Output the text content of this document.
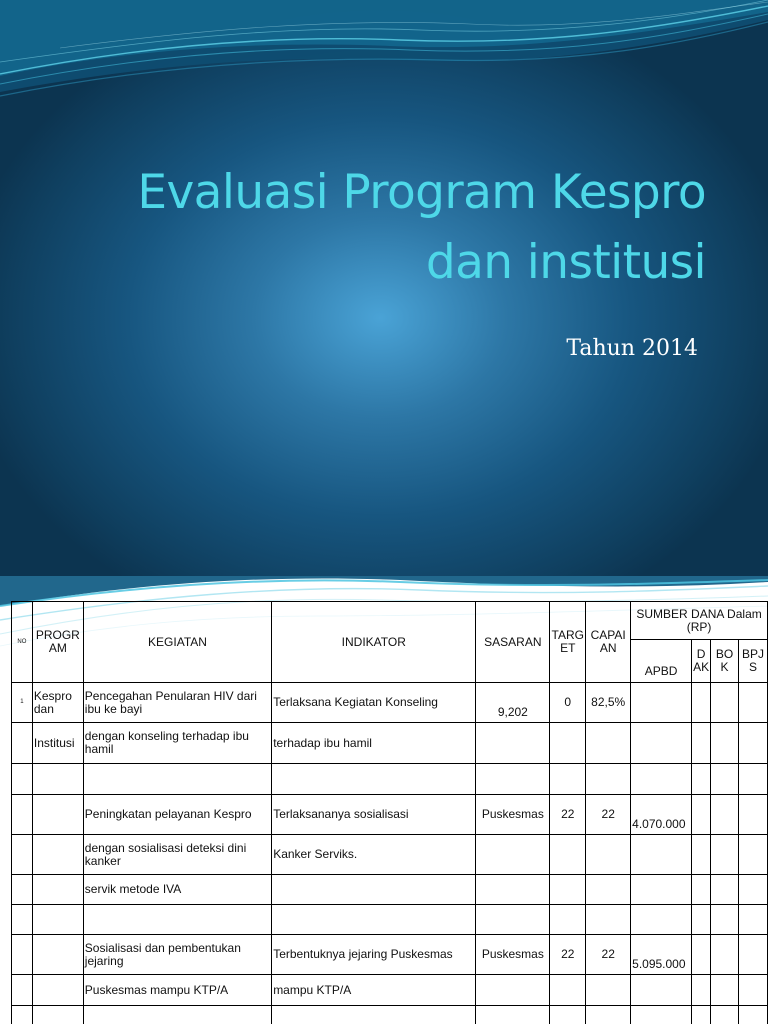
Evaluasi Program Kespro
dan institusi

Tahun 2014

NO	PROGR AM	KEGIATAN	INDIKATOR	SASARAN	TARG ET	CAPAI AN	SUMBER DANA Dalam (RP)			
							APBD	D AK	BO K	BPJ S
1	Kespro dan	Pencegahan Penularan HIV dari ibu ke bayi	Terlaksana Kegiatan Konseling	9,202	0	82,5%				
	Institusi	dengan konseling terhadap ibu hamil	terhadap ibu hamil							

		Peningkatan pelayanan Kespro	Terlaksananya sosialisasi	Puskesmas	22	22	4.070.000			
		dengan sosialisasi deteksi dini kanker	Kanker Serviks.							
		servik metode IVA								

		Sosialisasi dan pembentukan jejaring	Terbentuknya jejaring Puskesmas	Puskesmas	22	22	5.095.000			
		Puskesmas mampu KTP/A	mampu KTP/A							
